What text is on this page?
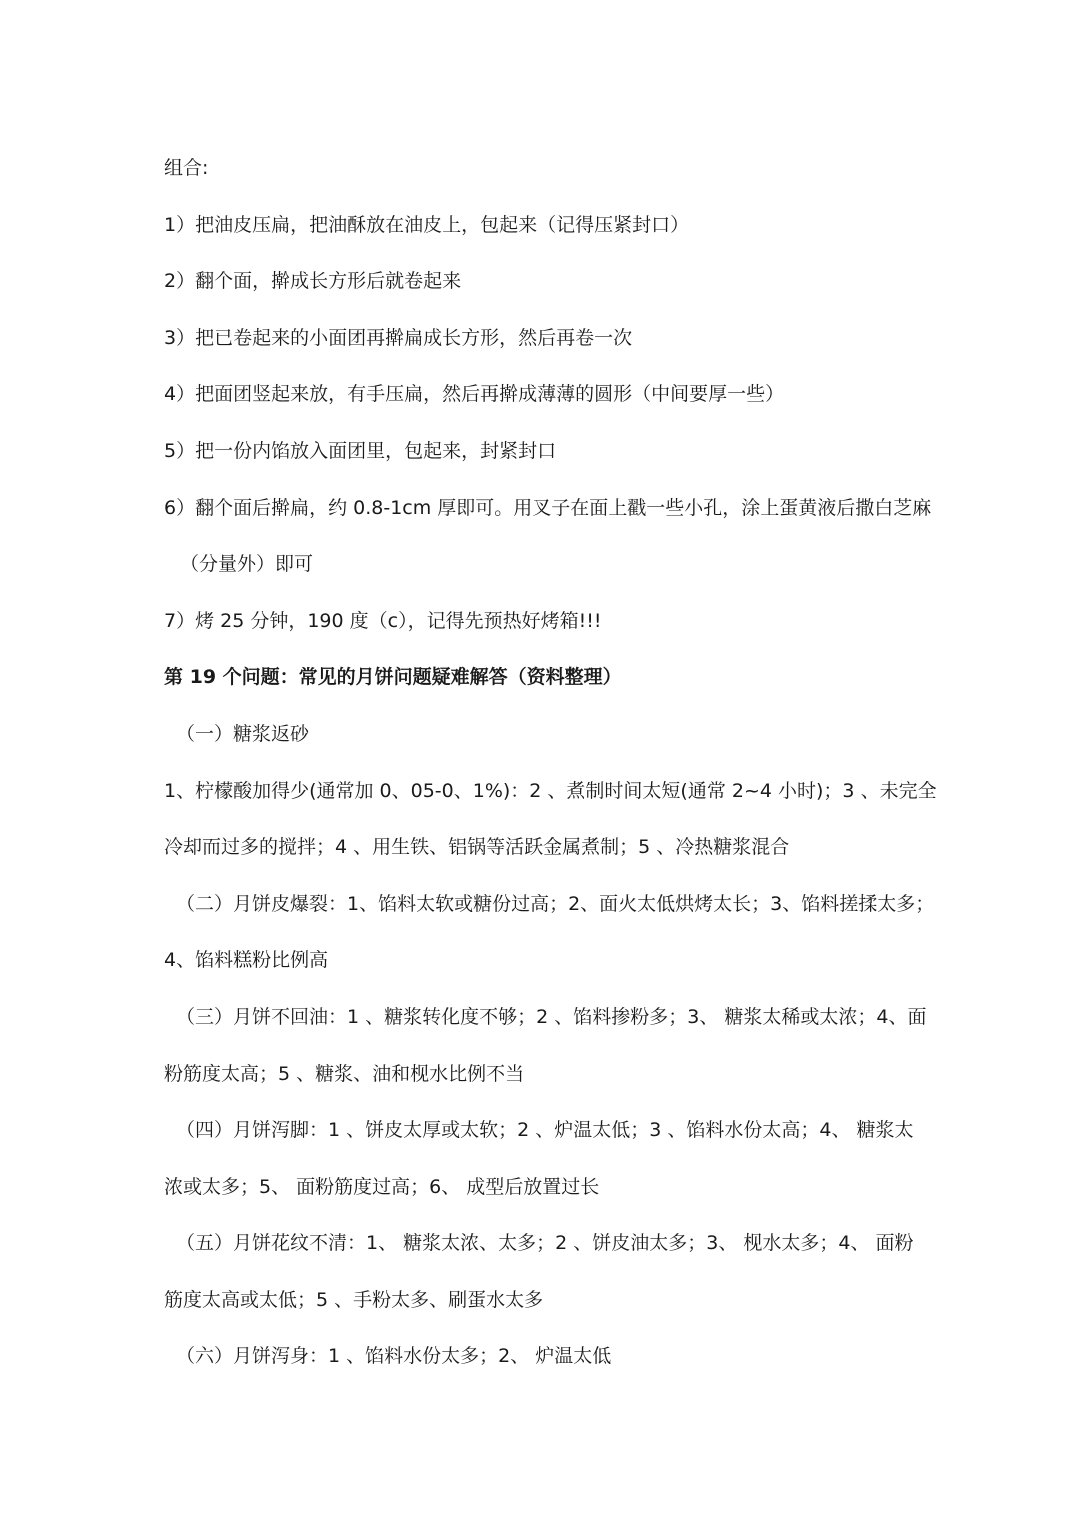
组合:

1）把油皮压扁，把油酥放在油皮上，包起来（记得压紧封口）

2）翻个面，擀成长方形后就卷起来

3）把已卷起来的小面团再擀扁成长方形，然后再卷一次

4）把面团竖起来放，有手压扁，然后再擀成薄薄的圆形（中间要厚一些）

5）把一份内馅放入面团里，包起来，封紧封口

6）翻个面后擀扁，约 0.8-1cm 厚即可。用叉子在面上戳一些小孔，涂上蛋黄液后撒白芝麻

（分量外）即可

7）烤 25 分钟，190 度（c），记得先预热好烤箱!!!

第 19 个问题：常见的月饼问题疑难解答（资料整理）

（一）糖浆返砂

1、柠檬酸加得少(通常加 0、05-0、1%)：2 、煮制时间太短(通常 2~4 小时)；3 、未完全

冷却而过多的搅拌；4 、用生铁、铝锅等活跃金属煮制；5 、冷热糖浆混合

（二）月饼皮爆裂：1、馅料太软或糖份过高；2、面火太低烘烤太长；3、馅料搓揉太多；

4、馅料糕粉比例高

（三）月饼不回油：1 、糖浆转化度不够；2 、馅料掺粉多；3、 糖浆太稀或太浓；4、面

粉筋度太高；5 、糖浆、油和枧水比例不当

（四）月饼泻脚：1 、饼皮太厚或太软；2 、炉温太低；3 、馅料水份太高；4、 糖浆太

浓或太多；5、 面粉筋度过高；6、 成型后放置过长

（五）月饼花纹不清：1、 糖浆太浓、太多；2 、饼皮油太多；3、 枧水太多；4、 面粉

筋度太高或太低；5 、手粉太多、刷蛋水太多

（六）月饼泻身：1 、馅料水份太多；2、 炉温太低
